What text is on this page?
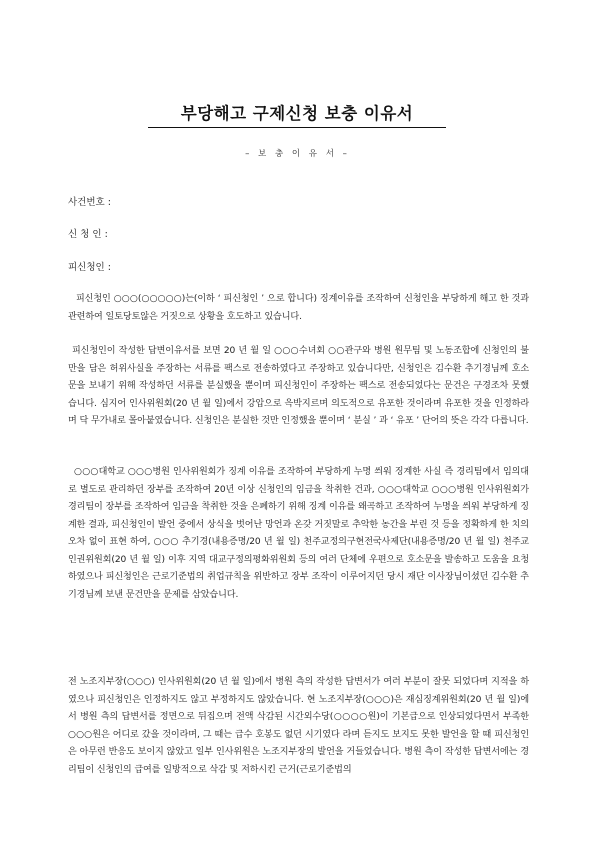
부당해고 구제신청 보충 이유서
– 보 충 이 유 서 –
사건번호 :
신 청 인 :
피신청인 :
피신청인 ○○○(○○○○○)는(이하 ‘ 피신청인 ’ 으로 합니다) 징계이유를 조작하여 신청인을 부당하게 해고 한 것과 관련하여 일토당토않은 거짓으로 상황을 호도하고 있습니다.
피신청인이 작성한 답변이유서를 보면 20 년 월 일 ○○○수녀회 ○○관구와 병원 원무팀 및 노동조합에 신청인의 불만을 담은 허위사실을 주장하는 서류를 팩스로 전송하였다고 주장하고 있습니다만, 신청인은 김수환 추기경님께 호소문을 보내기 위해 작성하던 서류를 분실했을 뿐이며 피신청인이 주장하는 팩스로 전송되었다는 문건은 구경조차 못했습니다. 심지어 인사위원회(20 년 월 일)에서 강압으로 윽박지르며 의도적으로 유포한 것이라며 유포한 것을 인정하라며 닥 무가내로 몰아붙였습니다. 신청인은 분실한 것만 인정했을 뿐이며 ‘ 분실 ’ 과 ‘ 유포 ’ 단어의 뜻은 각각 다릅니다.
○○○대학교 ○○○병원 인사위원회가 징계 이유를 조작하여 부당하게 누명 씌워 징계한 사실 즉 경리팀에서 임의대로 별도로 관리하던 장부를 조작하여 20년 이상 신청인의 임금을 착취한 건과, ○○○대학교 ○○○병원 인사위원회가 경리팀이 장부를 조작하여 임금을 착취한 것을 은폐하기 위해 징계 이유를 왜곡하고 조작하여 누명을 씌워 부당하게 징계한 결과, 피신청인이 발언 중에서 상식을 벗어난 망언과 온갖 거짓말로 추악한 농간을 부린 것 등을 정확하게 한 치의 오차 없이 표현 하여, ○○○ 추기경(내용증명/20 년 월 일) 천주교정의구현전국사제단(내용증명/20 년 월 일) 천주교인권위원회(20 년 월 일) 이후 지역 대교구정의평화위원회 등의 여러 단체에 우편으로 호소문을 발송하고 도움을 요청하였으나 피신청인은 근로기준법의 취업규칙을 위반하고 장부 조작이 이루어지던 당시 재단 이사장님이셨던 김수환 추기경님께 보낸 문건만을 문제를 삼았습니다.
전 노조지부장(○○○) 인사위원회(20 년 월 일)에서 병원 측의 작성한 답변서가 여러 부분이 잘못 되었다며 지적을 하였으나 피신청인은 인정하지도 않고 부정하지도 않았습니다. 현 노조지부장(○○○)은 재심징계위원회(20 년 월 일)에서 병원 측의 답변서를 정면으로 뒤집으며 전액 삭감된 시간외수당(○○○○원)이 기본급으로 인상되었다면서 부족한 ○○○원은 어디로 갔을 것이라며, 그 때는 급수 호봉도 없던 시기였다 라며 듣지도 보지도 못한 발언을 할 때 피신청인은 아무런 반응도 보이지 않았고 일부 인사위원은 노조지부장의 발언을 거들었습니다. 병원 측이 작성한 답변서에는 경리팀이 신청인의 급여를 일방적으로 삭감 및 저하시킨 근거(근로기준법의
